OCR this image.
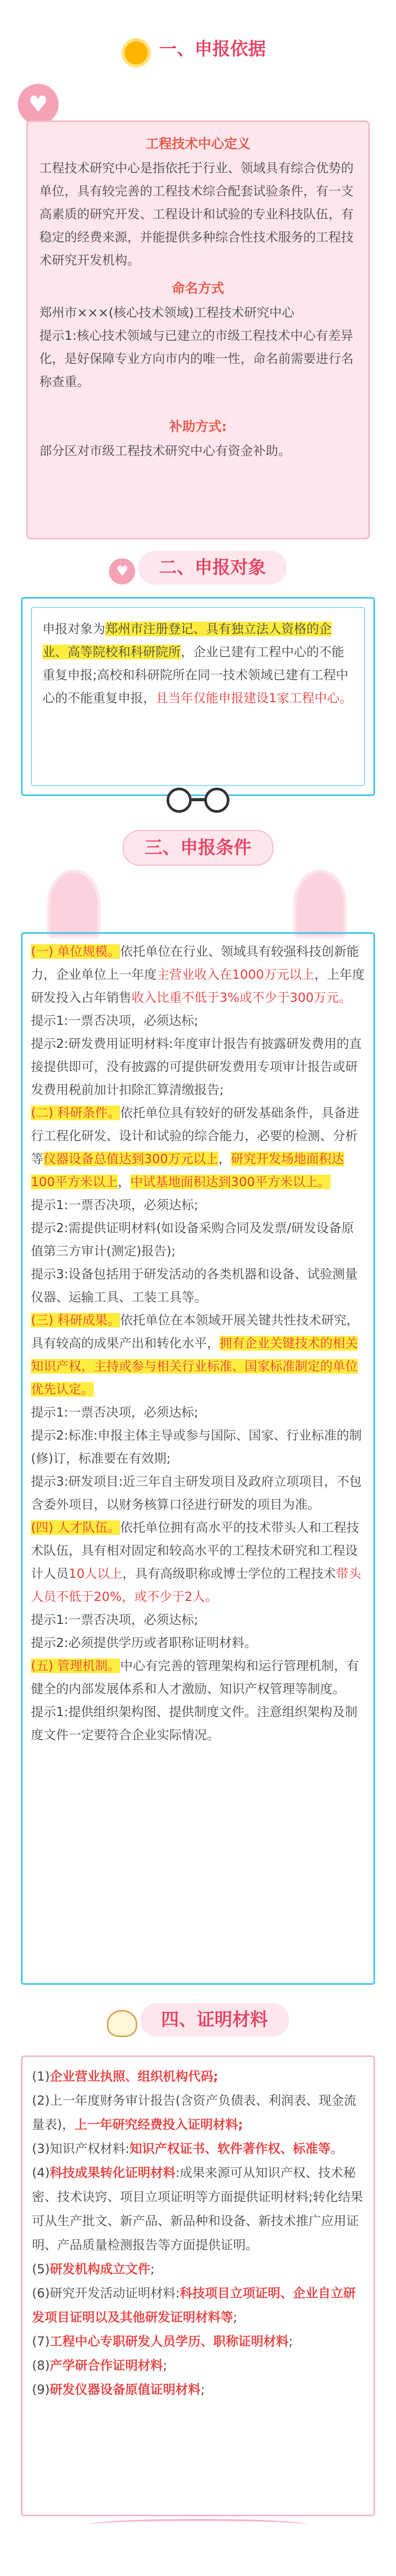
一、申报依据
♥

工程技术中心定义

工程技术研究中心是指依托于行业、领域具有综合优势的单位，具有较完善的工程技术综合配套试验条件，有一支高素质的研究开发、工程设计和试验的专业科技队伍，有稳定的经费来源，并能提供多种综合性技术服务的工程技术研究开发机构。

命名方式

郑州市×××(核心技术领域)工程技术研究中心

提示1:核心技术领域与已建立的市级工程技术中心有差异化，是好保障专业方向市内的唯一性，命名前需要进行名称查重。

补助方式:

部分区对市级工程技术研究中心有资金补助。

♥ 二、申报对象

申报对象为郑州市注册登记、具有独立法人资格的企业、高等院校和科研院所，企业已建有工程中心的不能重复申报;高校和科研院所在同一技术领域已建有工程中心的不能重复申报，且当年仅能申报建设1家工程中心。

三、申报条件

(一) 单位规模。依托单位在行业、领域具有较强科技创新能力，企业单位上一年度主营业收入在1000万元以上，上年度研发投入占年销售收入比重不低于3%或不少于300万元。

提示1:一票否决项，必须达标;

提示2:研发费用证明材料:年度审计报告有披露研发费用的直接提供即可，没有披露的可提供研发费用专项审计报告或研发费用税前加计扣除汇算清缴报告;

(二) 科研条件。依托单位具有较好的研发基础条件，具备进行工程化研发、设计和试验的综合能力，必要的检测、分析等仪器设备总值达到300万元以上，研究开发场地面积达100平方米以上，中试基地面积达到300平方米以上。

提示1:一票否决项，必须达标;

提示2:需提供证明材料(如设备采购合同及发票/研发设备原值第三方审计(测定)报告);

提示3:设备包括用于研发活动的各类机器和设备、试验测量仪器、运输工具、工装工具等。

(三) 科研成果。依托单位在本领域开展关键共性技术研究，具有较高的成果产出和转化水平，拥有企业关键技术的相关知识产权，主持或参与相关行业标准、国家标准制定的单位优先认定。

提示1:一票否决项，必须达标;

提示2:标准:申报主体主导或参与国际、国家、行业标准的制(修)订，标准要在有效期;

提示3:研发项目:近三年自主研发项目及政府立项项目，不包含委外项目，以财务核算口径进行研发的项目为准。

(四) 人才队伍。依托单位拥有高水平的技术带头人和工程技术队伍，具有相对固定和较高水平的工程技术研究和工程设计人员10人以上，具有高级职称或博士学位的工程技术带头人员不低于20%，或不少于2人。

提示1:一票否决项，必须达标;

提示2:必须提供学历或者职称证明材料。

(五) 管理机制。中心有完善的管理架构和运行管理机制，有健全的内部发展体系和人才激励、知识产权管理等制度。

提示1:提供组织架构图、提供制度文件。注意组织架构及制度文件一定要符合企业实际情况。

四、证明材料

(1)企业营业执照、组织机构代码;

(2)上一年度财务审计报告(含资产负债表、利润表、现金流量表)，上一年研究经费投入证明材料;

(3)知识产权材料:知识产权证书、软件著作权、标准等。

(4)科技成果转化证明材料:成果来源可从知识产权、技术秘密、技术诀窍、项目立项证明等方面提供证明材料;转化结果可从生产批文、新产品、新品种和设备、新技术推广应用证明、产品质量检测报告等方面提供证明。

(5)研发机构成立文件;

(6)研究开发活动证明材料:科技项目立项证明、企业自立研发项目证明以及其他研发证明材料等;

(7)工程中心专职研发人员学历、职称证明材料;

(8)产学研合作证明材料;

(9)研发仪器设备原值证明材料;
